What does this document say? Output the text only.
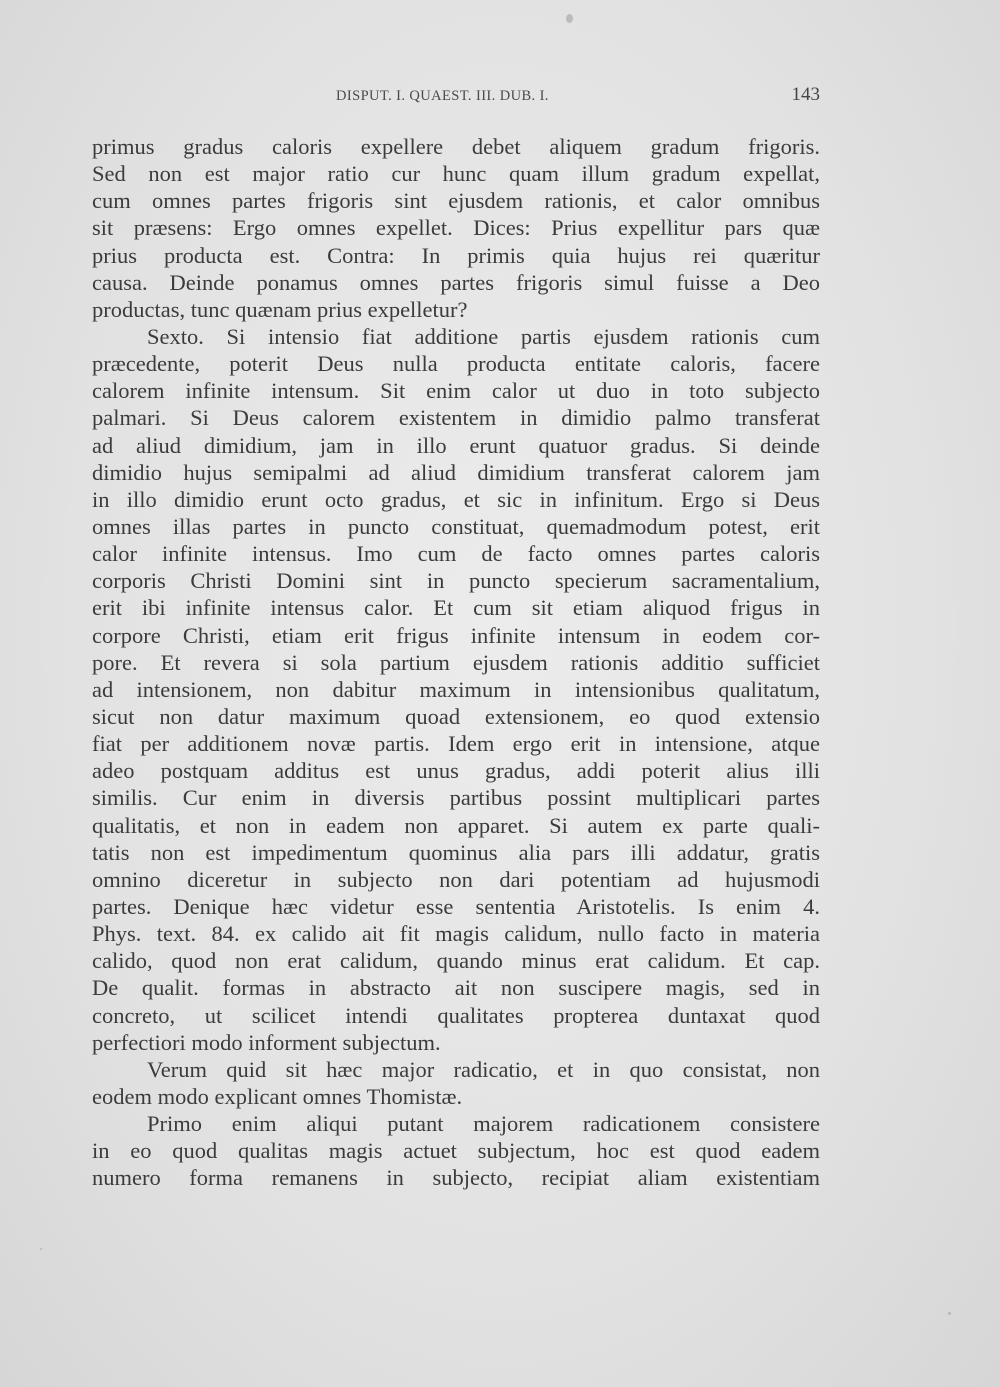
DISPUT. I. QUAEST. III. DUB. I.	143
primus gradus caloris expellere debet aliquem gradum frigoris.
Sed non est major ratio cur hunc quam illum gradum expellat,
cum omnes partes frigoris sint ejusdem rationis, et calor omnibus
sit præsens: Ergo omnes expellet. Dices: Prius expellitur pars quæ
prius producta est. Contra: In primis quia hujus rei quæritur
causa. Deinde ponamus omnes partes frigoris simul fuisse a Deo
productas, tunc quænam prius expelletur?
Sexto. Si intensio fiat additione partis ejusdem rationis cum
præcedente, poterit Deus nulla producta entitate caloris, facere
calorem infinite intensum. Sit enim calor ut duo in toto subjecto
palmari. Si Deus calorem existentem in dimidio palmo transferat
ad aliud dimidium, jam in illo erunt quatuor gradus. Si deinde
dimidio hujus semipalmi ad aliud dimidium transferat calorem jam
in illo dimidio erunt octo gradus, et sic in infinitum. Ergo si Deus
omnes illas partes in puncto constituat, quemadmodum potest, erit
calor infinite intensus. Imo cum de facto omnes partes caloris
corporis Christi Domini sint in puncto specierum sacramentalium,
erit ibi infinite intensus calor. Et cum sit etiam aliquod frigus in
corpore Christi, etiam erit frigus infinite intensum in eodem cor-
pore. Et revera si sola partium ejusdem rationis additio sufficiet
ad intensionem, non dabitur maximum in intensionibus qualitatum,
sicut non datur maximum quoad extensionem, eo quod extensio
fiat per additionem novæ partis. Idem ergo erit in intensione, atque
adeo postquam additus est unus gradus, addi poterit alius illi
similis. Cur enim in diversis partibus possint multiplicari partes
qualitatis, et non in eadem non apparet. Si autem ex parte quali-
tatis non est impedimentum quominus alia pars illi addatur, gratis
omnino diceretur in subjecto non dari potentiam ad hujusmodi
partes. Denique hæc videtur esse sententia Aristotelis. Is enim 4.
Phys. text. 84. ex calido ait fit magis calidum, nullo facto in materia
calido, quod non erat calidum, quando minus erat calidum. Et cap.
De qualit. formas in abstracto ait non suscipere magis, sed in
concreto, ut scilicet intendi qualitates propterea duntaxat quod
perfectiori modo informent subjectum.
Verum quid sit hæc major radicatio, et in quo consistat, non
eodem modo explicant omnes Thomistæ.
Primo enim aliqui putant majorem radicationem consistere
in eo quod qualitas magis actuet subjectum, hoc est quod eadem
numero forma remanens in subjecto, recipiat aliam existentiam
